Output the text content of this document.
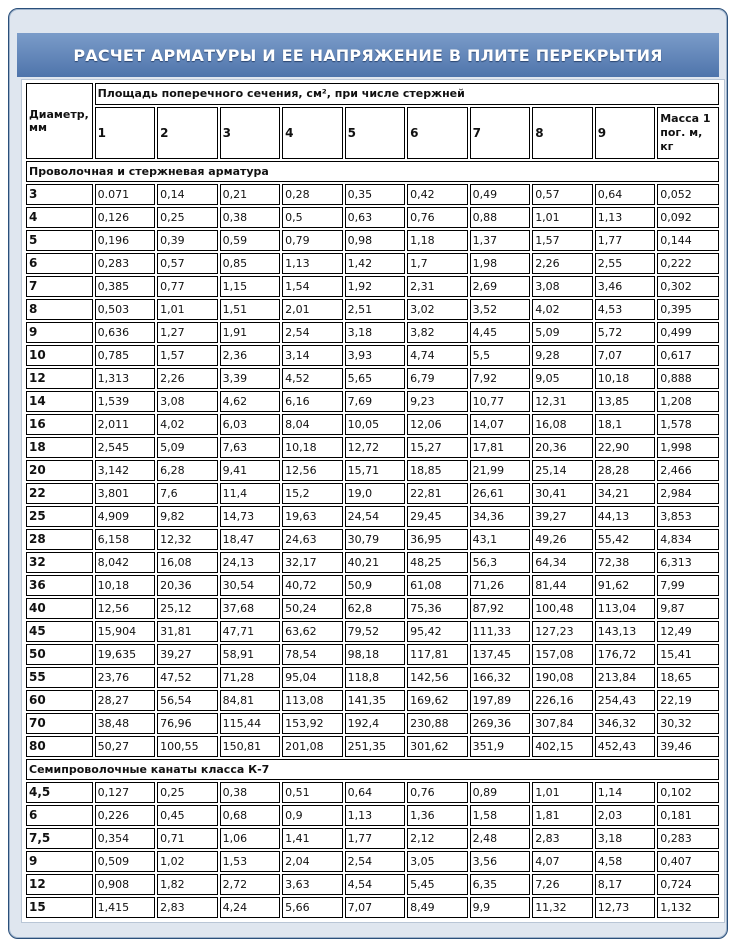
РАСЧЕТ АРМАТУРЫ И ЕЕ НАПРЯЖЕНИЕ В ПЛИТЕ ПЕРЕКРЫТИЯ
Диаметр, мм	Площадь поперечного сечения, см², при числе стержней									
	1	2	3	4	5	6	7	8	9	Масса 1 пог. м, кг
Проволочная и стержневая арматура										
3	0.071	0,14	0,21	0,28	0,35	0,42	0,49	0,57	0,64	0,052
4	0,126	0,25	0,38	0,5	0,63	0,76	0,88	1,01	1,13	0,092
5	0,196	0,39	0,59	0,79	0,98	1,18	1,37	1,57	1,77	0,144
6	0,283	0,57	0,85	1,13	1,42	1,7	1,98	2,26	2,55	0,222
7	0,385	0,77	1,15	1,54	1,92	2,31	2,69	3,08	3,46	0,302
8	0,503	1,01	1,51	2,01	2,51	3,02	3,52	4,02	4,53	0,395
9	0,636	1,27	1,91	2,54	3,18	3,82	4,45	5,09	5,72	0,499
10	0,785	1,57	2,36	3,14	3,93	4,74	5,5	9,28	7,07	0,617
12	1,313	2,26	3,39	4,52	5,65	6,79	7,92	9,05	10,18	0,888
14	1,539	3,08	4,62	6,16	7,69	9,23	10,77	12,31	13,85	1,208
16	2,011	4,02	6,03	8,04	10,05	12,06	14,07	16,08	18,1	1,578
18	2,545	5,09	7,63	10,18	12,72	15,27	17,81	20,36	22,90	1,998
20	3,142	6,28	9,41	12,56	15,71	18,85	21,99	25,14	28,28	2,466
22	3,801	7,6	11,4	15,2	19,0	22,81	26,61	30,41	34,21	2,984
25	4,909	9,82	14,73	19,63	24,54	29,45	34,36	39,27	44,13	3,853
28	6,158	12,32	18,47	24,63	30,79	36,95	43,1	49,26	55,42	4,834
32	8,042	16,08	24,13	32,17	40,21	48,25	56,3	64,34	72,38	6,313
36	10,18	20,36	30,54	40,72	50,9	61,08	71,26	81,44	91,62	7,99
40	12,56	25,12	37,68	50,24	62,8	75,36	87,92	100,48	113,04	9,87
45	15,904	31,81	47,71	63,62	79,52	95,42	111,33	127,23	143,13	12,49
50	19,635	39,27	58,91	78,54	98,18	117,81	137,45	157,08	176,72	15,41
55	23,76	47,52	71,28	95,04	118,8	142,56	166,32	190,08	213,84	18,65
60	28,27	56,54	84,81	113,08	141,35	169,62	197,89	226,16	254,43	22,19
70	38,48	76,96	115,44	153,92	192,4	230,88	269,36	307,84	346,32	30,32
80	50,27	100,55	150,81	201,08	251,35	301,62	351,9	402,15	452,43	39,46
Семипроволочные канаты класса К-7										
4,5	0,127	0,25	0,38	0,51	0,64	0,76	0,89	1,01	1,14	0,102
6	0,226	0,45	0,68	0,9	1,13	1,36	1,58	1,81	2,03	0,181
7,5	0,354	0,71	1,06	1,41	1,77	2,12	2,48	2,83	3,18	0,283
9	0,509	1,02	1,53	2,04	2,54	3,05	3,56	4,07	4,58	0,407
12	0,908	1,82	2,72	3,63	4,54	5,45	6,35	7,26	8,17	0,724
15	1,415	2,83	4,24	5,66	7,07	8,49	9,9	11,32	12,73	1,132
